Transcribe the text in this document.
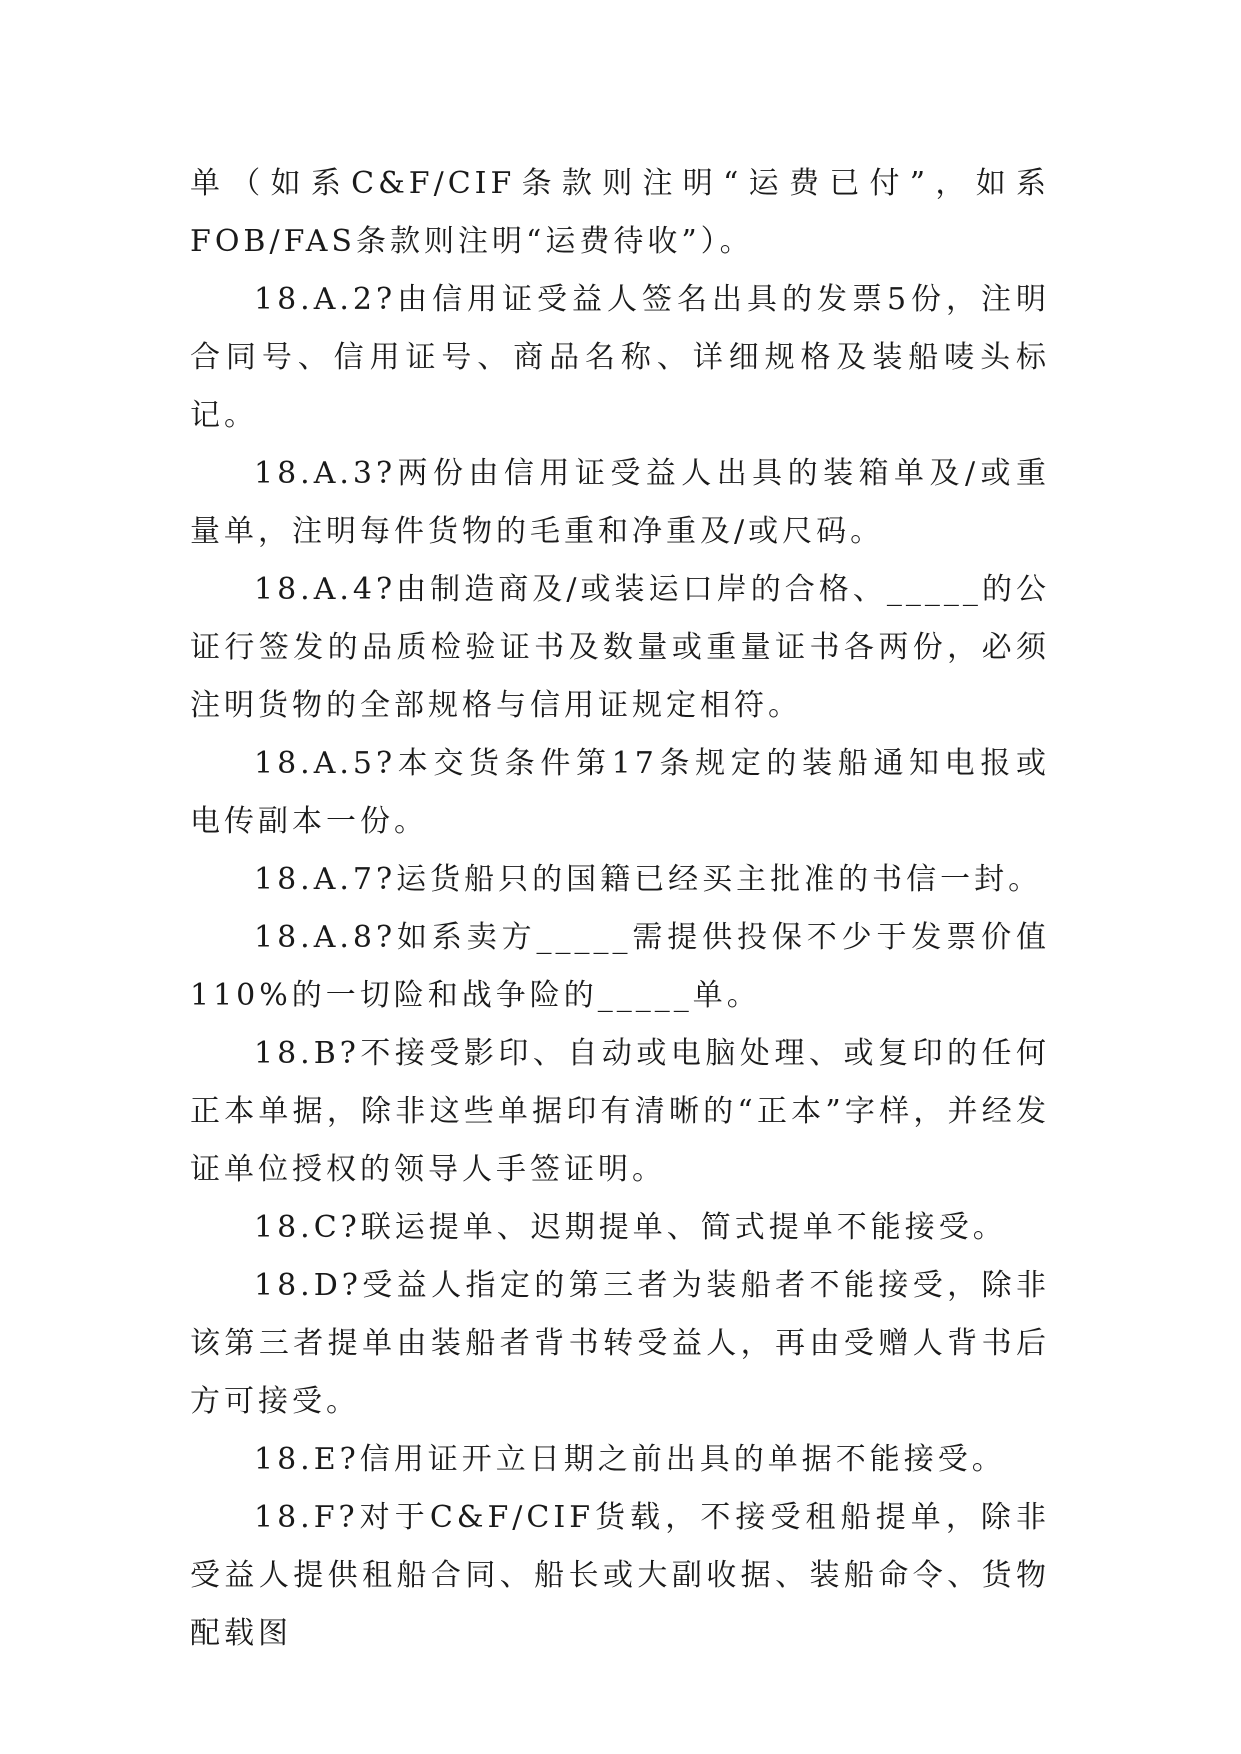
单（如系C&F/CIF条款则注明“运费已付”，如系FOB/FAS条款则注明“运费待收”）。

18.A.2?由信用证受益人签名出具的发票5份，注明合同号、信用证号、商品名称、详细规格及装船唛头标记。

18.A.3?两份由信用证受益人出具的装箱单及/或重量单，注明每件货物的毛重和净重及/或尺码。

18.A.4?由制造商及/或装运口岸的合格、_____的公证行签发的品质检验证书及数量或重量证书各两份，必须注明货物的全部规格与信用证规定相符。

18.A.5?本交货条件第17条规定的装船通知电报或电传副本一份。

18.A.7?运货船只的国籍已经买主批准的书信一封。

18.A.8?如系卖方_____需提供投保不少于发票价值110%的一切险和战争险的_____单。

18.B?不接受影印、自动或电脑处理、或复印的任何正本单据，除非这些单据印有清晰的“正本”字样，并经发证单位授权的领导人手签证明。

18.C?联运提单、迟期提单、简式提单不能接受。

18.D?受益人指定的第三者为装船者不能接受，除非该第三者提单由装船者背书转受益人，再由受赠人背书后方可接受。

18.E?信用证开立日期之前出具的单据不能接受。

18.F?对于C&F/CIF货载，不接受租船提单，除非受益人提供租船合同、船长或大副收据、装船命令、货物配载图
